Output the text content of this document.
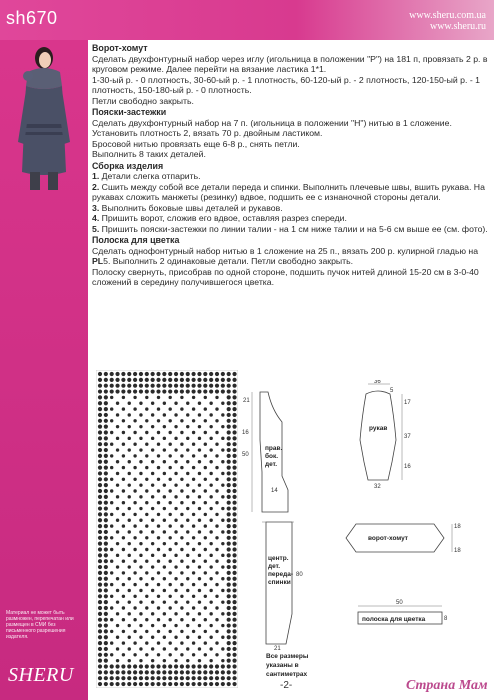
sh670	www.sheru.com.ua
www.sheru.ru
Материал не может быть размножен, перепечатан или размещен в СМИ без письменного разрешения издателя.
SHERU
Ворот-хомут

Сделать двухфонтурный набор через иглу (игольница в положении "P") на 181 п, провязать 2 р. в круговом режиме. Далее перейти на вязание ластика 1*1.

1-30-ый р. - 0 плотность, 30-60-ый р. - 1 плотность, 60-120-ый р. - 2 плотность, 120-150-ый р. - 1 плотность, 150-180-ый р. - 0 плотность.

Петли свободно закрыть.

Пояски-застежки

Сделать двухфонтурный набор на 7 п. (игольница в положении "Н") нитью в 1 сложение. Установить плотность 2, вязать 70 р. двойным ластиком.

Бросовой нитью провязать еще 6-8 р., снять петли.

Выполнить 8 таких деталей.

Сборка изделия

1. Детали слегка отпарить.

2. Сшить между собой все детали переда и спинки. Выполнить плечевые швы, вшить рукава. На рукавах сложить манжеты (резинку) вдвое, подшить ее с изнаночной стороны детали.

3. Выполнить боковые швы деталей и рукавов.

4. Пришить ворот, сложив его вдвое, оставляя разрез спереди.

5. Пришить пояски-застежки по линии талии - на 1 см ниже талии и на 5-6 см выше ее (см. фото).

Полоска для цветка

Сделать однофонтурный набор нитью в 1 сложение на 25 п., вязать 200 р. кулирной гладью на PL5. Выполнить 2 одинаковые детали. Петли свободно закрыть.

Полоску свернуть, присобрав по одной стороне, подшить пучок нитей длиной 15-20 см в 3-0-40 сложений в середину получившегося цветка.

21
16
50
14
36
5
17
37
16
32
80
21
18
18
50
8
прав.
бок.
дет.
рукав
центр.
дет.
переда-
спинки
ворот-хомут
полоска для цветка
Все размеры
указаны в
сантиметрах
-2-	Страна Мам
